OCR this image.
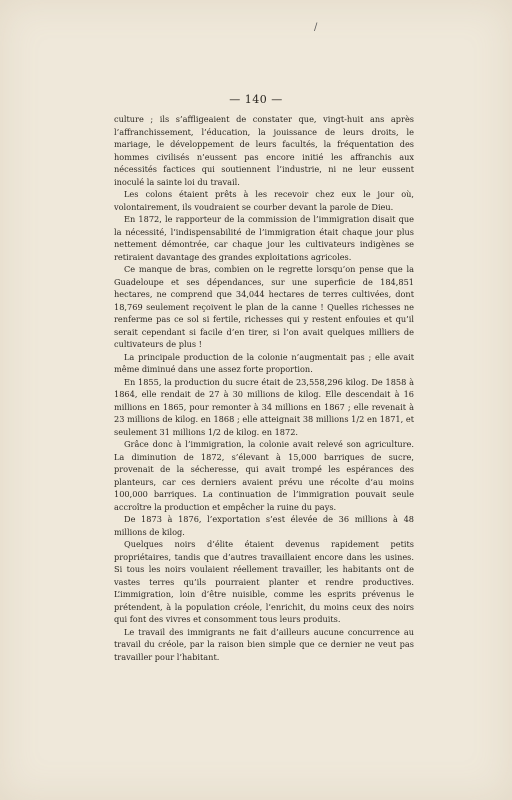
/
— 140 —

culture ; ils s’affligeaient de constater que, vingt-huit ans après l’affranchissement, l’éducation, la jouissance de leurs droits, le mariage, le développement de leurs facultés, la fréquentation des hommes civilisés n’eussent pas encore initié les affranchis aux nécessités factices qui soutiennent l’industrie, ni ne leur eussent inoculé la sainte loi du travail.

Les colons étaient prêts à les recevoir chez eux le jour où, volontairement, ils voudraient se courber devant la parole de Dieu.

En 1872, le rapporteur de la commission de l’immigration disait que la nécessité, l’indispensabilité de l’immigration était chaque jour plus nettement démontrée, car chaque jour les cultivateurs indigènes se retiraient davantage des grandes exploitations agricoles.

Ce manque de bras, combien on le regrette lorsqu’on pense que la Guadeloupe et ses dépendances, sur une superficie de 184,851 hectares, ne comprend que 34,044 hectares de terres cultivées, dont 18,769 seulement reçoivent le plan de la canne ! Quelles richesses ne renferme pas ce sol si fertile, richesses qui y restent enfouies et qu’il serait cependant si facile d’en tirer, si l’on avait quelques milliers de cultivateurs de plus !

La principale production de la colonie n’augmentait pas ; elle avait même diminué dans une assez forte proportion.

En 1855, la production du sucre était de 23,558,296 kilog. De 1858 à 1864, elle rendait de 27 à 30 millions de kilog. Elle descendait à 16 millions en 1865, pour remonter à 34 millions en 1867 ; elle revenait à 23 millions de kilog. en 1868 ; elle atteignait 38 millions 1/2 en 1871, et seulement 31 millions 1/2 de kilog. en 1872.

Grâce donc à l’immigration, la colonie avait relevé son agriculture. La diminution de 1872, s’élevant à 15,000 barriques de sucre, provenait de la sécheresse, qui avait trompé les espérances des planteurs, car ces derniers avaient prévu une récolte d’au moins 100,000 barriques. La continuation de l’immigration pouvait seule accroître la production et empêcher la ruine du pays.

De 1873 à 1876, l’exportation s’est élevée de 36 millions à 48 millions de kilog.

Quelques noirs d’élite étaient devenus rapidement petits propriétaires, tandis que d’autres travaillaient encore dans les usines. Si tous les noirs voulaient réellement travailler, les habitants ont de vastes terres qu’ils pourraient planter et rendre productives. L’immigration, loin d’être nuisible, comme les esprits prévenus le prétendent, à la population créole, l’enrichit, du moins ceux des noirs qui font des vivres et consomment tous leurs produits.

Le travail des immigrants ne fait d’ailleurs aucune concurrence au travail du créole, par la raison bien simple que ce dernier ne veut pas travailler pour l’habitant.
